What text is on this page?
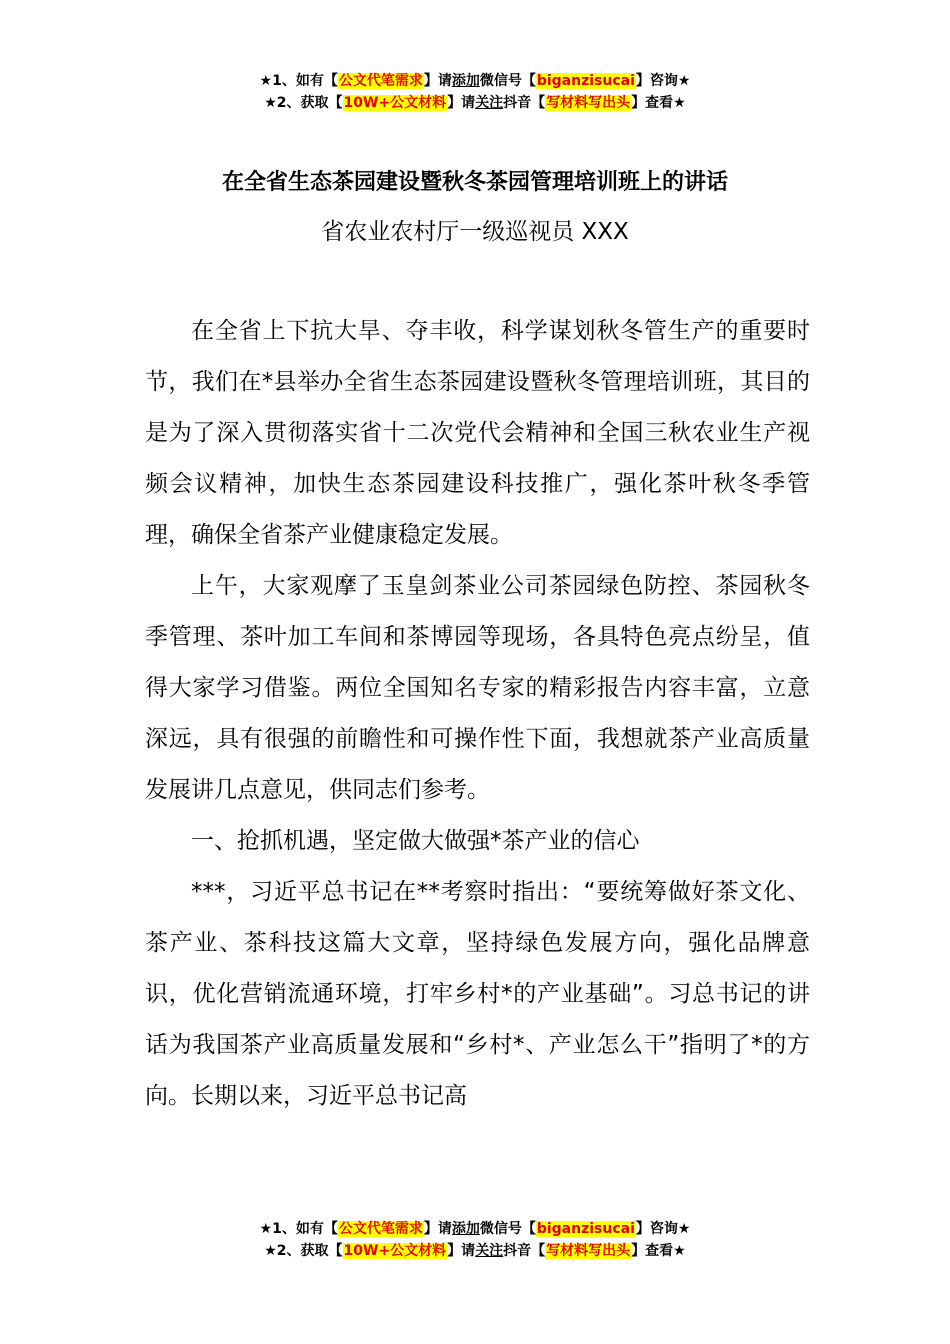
★1、如有【公文代笔需求】请添加微信号【biganzisucai】咨询★
★2、获取【10W+公文材料】请关注抖音【写材料写出头】查看★
在全省生态茶园建设暨秋冬茶园管理培训班上的讲话
省农业农村厅一级巡视员 XXX

在全省上下抗大旱、夺丰收，科学谋划秋冬管生产的重要时节，我们在*县举办全省生态茶园建设暨秋冬管理培训班，其目的是为了深入贯彻落实省十二次党代会精神和全国三秋农业生产视频会议精神，加快生态茶园建设科技推广，强化茶叶秋冬季管理，确保全省茶产业健康稳定发展。

上午，大家观摩了玉皇剑茶业公司茶园绿色防控、茶园秋冬季管理、茶叶加工车间和茶博园等现场，各具特色亮点纷呈，值得大家学习借鉴。两位全国知名专家的精彩报告内容丰富，立意深远，具有很强的前瞻性和可操作性下面，我想就茶产业高质量发展讲几点意见，供同志们参考。

一、抢抓机遇，坚定做大做强*茶产业的信心

***，习近平总书记在**考察时指出：“要统筹做好茶文化、茶产业、茶科技这篇大文章，坚持绿色发展方向，强化品牌意识，优化营销流通环境，打牢乡村*的产业基础”。习总书记的讲话为我国茶产业高质量发展和“乡村*、产业怎么干”指明了*的方向。长期以来，习近平总书记高

★1、如有【公文代笔需求】请添加微信号【biganzisucai】咨询★
★2、获取【10W+公文材料】请关注抖音【写材料写出头】查看★
